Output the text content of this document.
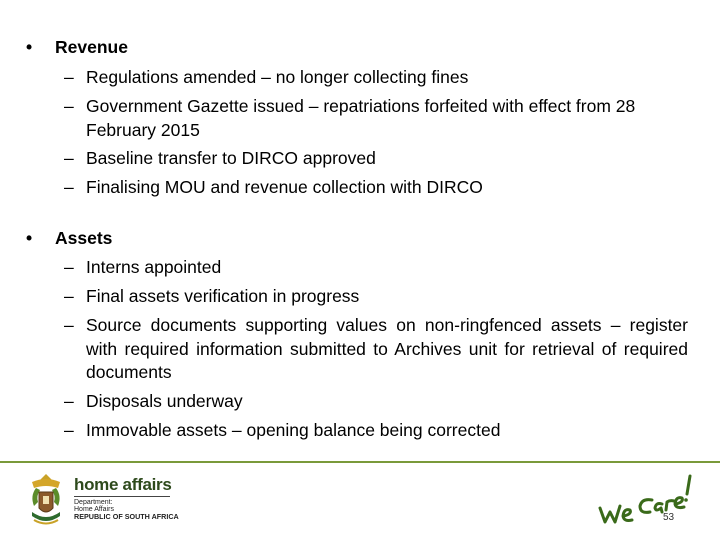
•	Revenue
– Regulations amended – no longer collecting fines
– Government Gazette issued – repatriations forfeited with effect from 28 February 2015
– Baseline transfer to DIRCO approved
– Finalising MOU and revenue collection with DIRCO
•	Assets
– Interns appointed
– Final assets verification in progress
– Source documents supporting values on non-ringfenced assets – register with required information submitted to Archives unit for retrieval of required documents
– Disposals underway
– Immovable assets – opening balance being corrected
home affairs
Department:
Home Affairs
REPUBLIC OF SOUTH AFRICA	53
